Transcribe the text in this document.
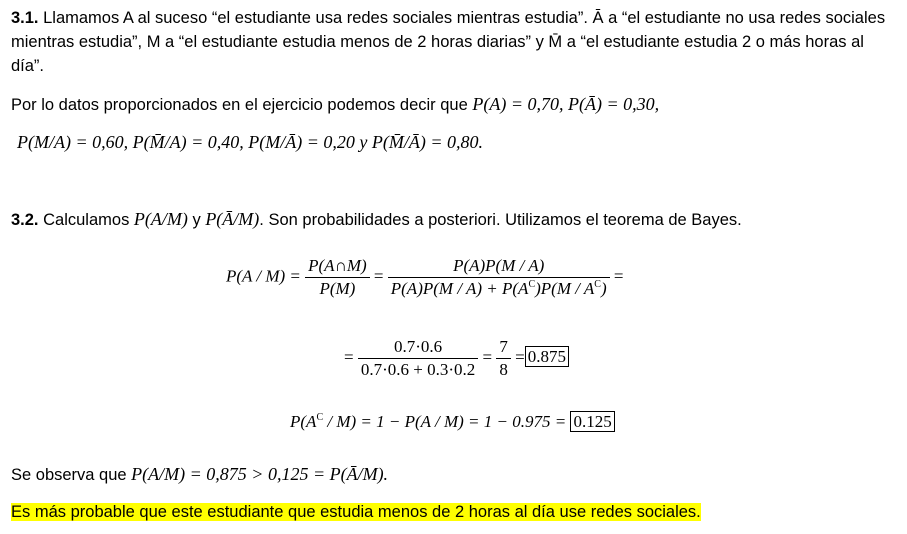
3.1. Llamamos A al suceso “el estudiante usa redes sociales mientras estudia”. Ā a “el estudiante no usa redes sociales
mientras estudia”, M a “el estudiante estudia menos de 2 horas diarias” y M̄ a “el estudiante estudia 2 o más horas al
día”.
Por lo datos proporcionados en el ejercicio podemos decir que P(A) = 0,70, P(Ā) = 0,30,
P(M/A) = 0,60, P(M̄/A) = 0,40, P(M/Ā) = 0,20 y P(M̄/Ā) = 0,80.
3.2. Calculamos P(A/M) y P(Ā/M). Son probabilidades a posteriori. Utilizamos el teorema de Bayes.
$P(A / M) = \frac{P(A\cap M)}{P(M)} = \frac{P(A)P(M / A)}{P(A)P(M / A) + P(A^C)P(M / A^C)}$ =
= $\frac{0.7\cdot 0.6}{0.7\cdot 0.6 + 0.3\cdot 0.2} = \frac{7}{8} = 0.875$
$P(A^C / M) = 1 - P(A / M) = 1 - 0.975 = 0.125$
Se observa que P(A/M) = 0,875 > 0,125 = P(Ā/M).
Es más probable que este estudiante que estudia menos de 2 horas al día use redes sociales.
